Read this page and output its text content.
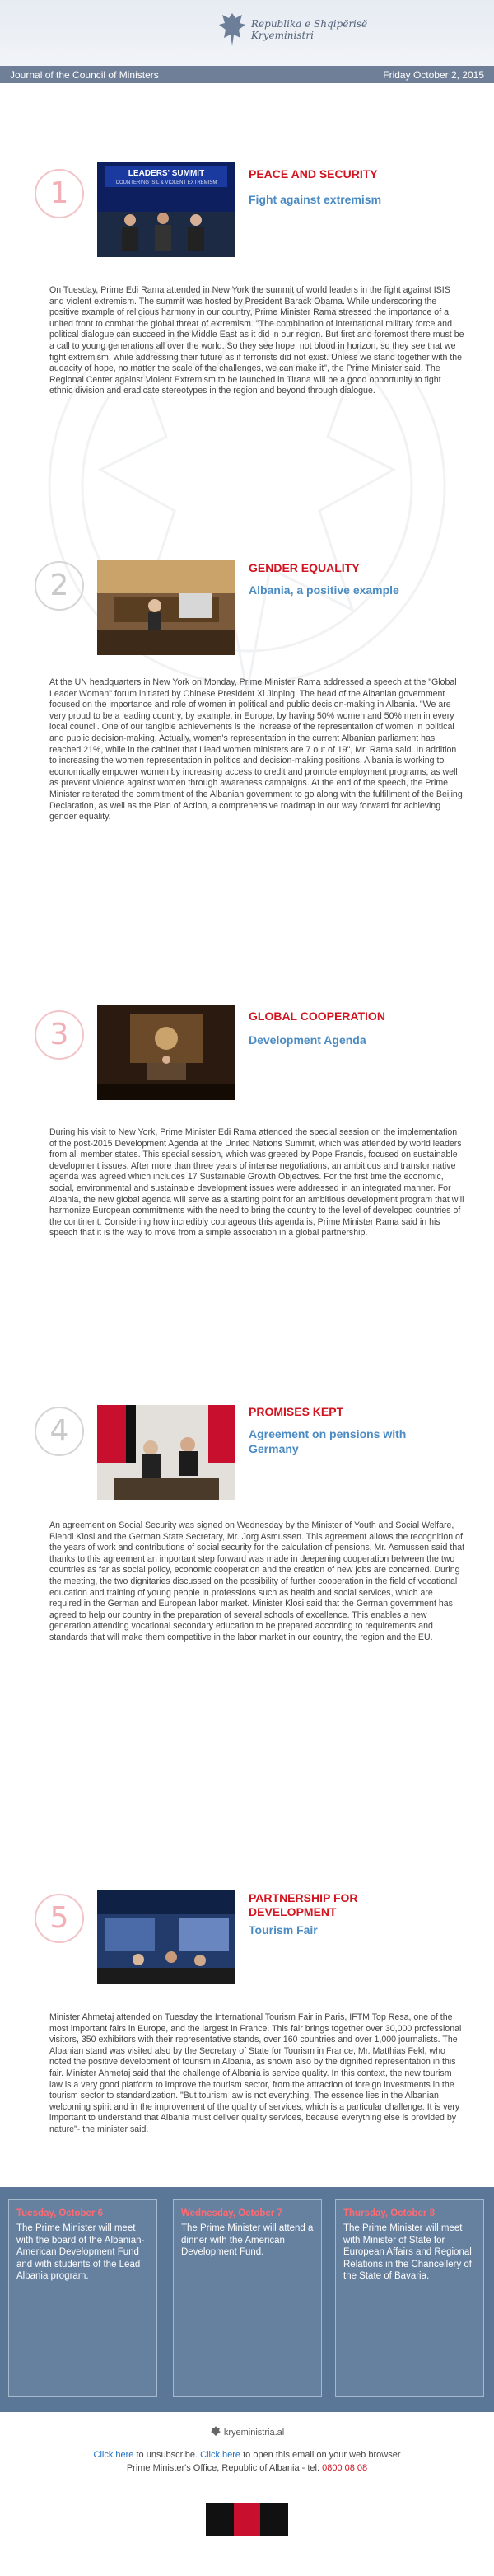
Republika e Shqipërisë
Kryeministri
Journal of the Council of Ministers	Friday October 2, 2015
1
LEADERS' SUMMIT
COUNTERING ISIL & VIOLENT EXTREMISM
PEACE AND SECURITY
Fight against extremism
On Tuesday, Prime Edi Rama attended in New York the summit of world leaders in the fight against ISIS and violent extremism. The summit was hosted by President Barack Obama. While underscoring the positive example of religious harmony in our country, Prime Minister Rama stressed the importance of a united front to combat the global threat of extremism. "The combination of international military force and political dialogue can succeed in the Middle East as it did in our region. But first and foremost there must be a call to young generations all over the world. So they see hope, not blood in horizon, so they see that we fight extremism, while addressing their future as if terrorists did not exist. Unless we stand together with the audacity of hope, no matter the scale of the challenges, we can make it", the Prime Minister said. The Regional Center against Violent Extremism to be launched in Tirana will be a good opportunity to fight ethnic division and eradicate stereotypes in the region and beyond through dialogue.
2
GENDER EQUALITY
Albania, a positive example
At the UN headquarters in New York on Monday, Prime Minister Rama addressed a speech at the "Global Leader Woman" forum initiated by Chinese President Xi Jinping. The head of the Albanian government focused on the importance and role of women in political and public decision-making in Albania. "We are very proud to be a leading country, by example, in Europe, by having 50% women and 50% men in every local council. One of our tangible achievements is the increase of the representation of women in political and public decision-making. Actually, women's representation in the current Albanian parliament has reached 21%, while in the cabinet that I lead women ministers are 7 out of 19", Mr. Rama said. In addition to increasing the women representation in politics and decision-making positions, Albania is working to economically empower women by increasing access to credit and promote employment programs, as well as prevent violence against women through awareness campaigns. At the end of the speech, the Prime Minister reiterated the commitment of the Albanian government to go along with the fulfillment of the Beijing Declaration, as well as the Plan of Action, a comprehensive roadmap in our way forward for achieving gender equality.
3
GLOBAL COOPERATION
Development Agenda
During his visit to New York, Prime Minister Edi Rama attended the special session on the implementation of the post-2015 Development Agenda at the United Nations Summit, which was attended by world leaders from all member states. This special session, which was greeted by Pope Francis, focused on sustainable development issues. After more than three years of intense negotiations, an ambitious and transformative agenda was agreed which includes 17 Sustainable Growth Objectives. For the first time the economic, social, environmental and sustainable development issues were addressed in an integrated manner. For Albania, the new global agenda will serve as a starting point for an ambitious development program that will harmonize European commitments with the need to bring the country to the level of developed countries of the continent. Considering how incredibly courageous this agenda is, Prime Minister Rama said in his speech that it is the way to move from a simple association in a global partnership.
4
PROMISES KEPT
Agreement on pensions with Germany
An agreement on Social Security was signed on Wednesday by the Minister of Youth and Social Welfare, Blendi Klosi and the German State Secretary, Mr. Jorg Asmussen. This agreement allows the recognition of the years of work and contributions of social security for the calculation of pensions. Mr. Asmussen said that thanks to this agreement an important step forward was made in deepening cooperation between the two countries as far as social policy, economic cooperation and the creation of new jobs are concerned. During the meeting, the two dignitaries discussed on the possibility of further cooperation in the field of vocational education and training of young people in professions such as health and social services, which are required in the German and European labor market. Minister Klosi said that the German government has agreed to help our country in the preparation of several schools of excellence. This enables a new generation attending vocational secondary education to be prepared according to requirements and standards that will make them competitive in the labor market in our country, the region and the EU.
5
PARTNERSHIP FOR DEVELOPMENT
Tourism Fair
Minister Ahmetaj attended on Tuesday the International Tourism Fair in Paris, IFTM Top Resa, one of the most important fairs in Europe, and the largest in France. This fair brings together over 30,000 professional visitors, 350 exhibitors with their representative stands, over 160 countries and over 1,000 journalists. The Albanian stand was visited also by the Secretary of State for Tourism in France, Mr. Matthias Fekl, who noted the positive development of tourism in Albania, as shown also by the dignified representation in this fair. Minister Ahmetaj said that the challenge of Albania is service quality. In this context, the new tourism law is a very good platform to improve the tourism sector, from the attraction of foreign investments in the tourism sector to standardization. "But tourism law is not everything. The essence lies in the Albanian welcoming spirit and in the improvement of the quality of services, which is a particular challenge. It is very important to understand that Albania must deliver quality services, because everything else is provided by nature"- the minister said.
Tuesday, October 6
The Prime Minister will meet with the board of the Albanian-American Development Fund and with students of the Lead Albania program.
Wednesday, October 7
The Prime Minister will attend a dinner with the American Development Fund.
Thursday, October 8
The Prime Minister will meet with Minister of State for European Affairs and Regional Relations in the Chancellery of the State of Bavaria.
kryeministria.al
Click here to unsubscribe. Click here to open this email on your web browser
Prime Minister's Office, Republic of Albania - tel: 0800 08 08
